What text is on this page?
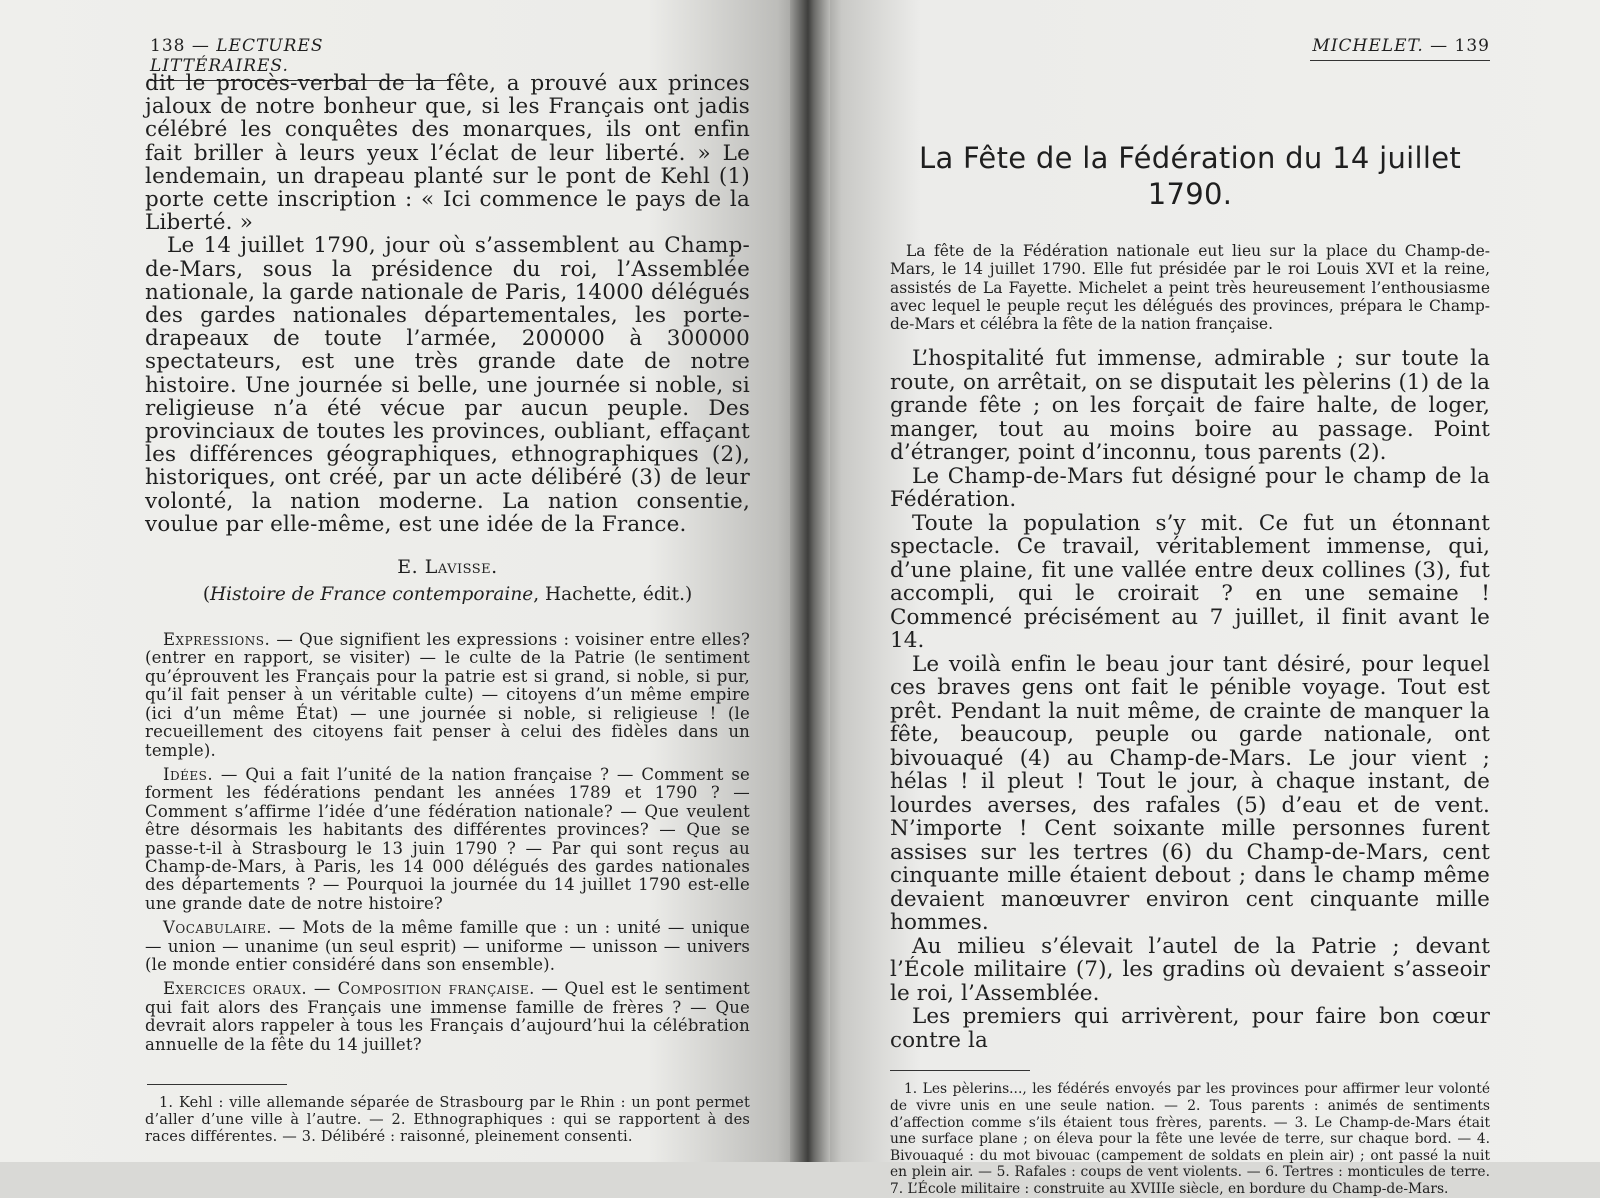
138 — LECTURES LITTÉRAIRES.

dit le procès-verbal de la fête, a prouvé aux princes jaloux de notre bonheur que, si les Français ont jadis célébré les conquêtes des monarques, ils ont enfin fait briller à leurs yeux l’éclat de leur liberté. » Le lendemain, un drapeau planté sur le pont de Kehl (1) porte cette inscription : « Ici commence le pays de la Liberté. »

Le 14 juillet 1790, jour où s’assemblent au Champ-de-Mars, sous la présidence du roi, l’Assemblée nationale, la garde nationale de Paris, 14000 délégués des gardes nationales départementales, les porte-drapeaux de toute l’armée, 200000 à 300000 spectateurs, est une très grande date de notre histoire. Une journée si belle, une journée si noble, si religieuse n’a été vécue par aucun peuple. Des provinciaux de toutes les provinces, oubliant, effaçant les différences géographiques, ethnographiques (2), historiques, ont créé, par un acte délibéré (3) de leur volonté, la nation moderne. La nation consentie, voulue par elle-même, est une idée de la France.

E. Lavisse.
(Histoire de France contemporaine, Hachette, édit.)

Expressions. — Que signifient les expressions : voisiner entre elles? (entrer en rapport, se visiter) — le culte de la Patrie (le sentiment qu’éprouvent les Français pour la patrie est si grand, si noble, si pur, qu’il fait penser à un véritable culte) — citoyens d’un même empire (ici d’un même État) — une journée si noble, si religieuse ! (le recueillement des citoyens fait penser à celui des fidèles dans un temple).

Idées. — Qui a fait l’unité de la nation française ? — Comment se forment les fédérations pendant les années 1789 et 1790 ? — Comment s’affirme l’idée d’une fédération nationale? — Que veulent être désormais les habitants des différentes provinces? — Que se passe-t-il à Strasbourg le 13 juin 1790 ? — Par qui sont reçus au Champ-de-Mars, à Paris, les 14 000 délégués des gardes nationales des départements ? — Pourquoi la journée du 14 juillet 1790 est-elle une grande date de notre histoire?

Vocabulaire. — Mots de la même famille que : un : unité — unique — union — unanime (un seul esprit) — uniforme — unisson — univers (le monde entier considéré dans son ensemble).

Exercices oraux. — Composition française. — Quel est le sentiment qui fait alors des Français une immense famille de frères ? — Que devrait alors rappeler à tous les Français d’aujourd’hui la célébration annuelle de la fête du 14 juillet?

1. Kehl : ville allemande séparée de Strasbourg par le Rhin : un pont permet d’aller d’une ville à l’autre. — 2. Ethnographiques : qui se rapportent à des races différentes. — 3. Délibéré : raisonné, pleinement consenti.

MICHELET. — 139
La Fête de la Fédération du 14 juillet 1790.

La fête de la Fédération nationale eut lieu sur la place du Champ-de-Mars, le 14 juillet 1790. Elle fut présidée par le roi Louis XVI et la reine, assistés de La Fayette. Michelet a peint très heureusement l’enthousiasme avec lequel le peuple reçut les délégués des provinces, prépara le Champ-de-Mars et célébra la fête de la nation française.

L’hospitalité fut immense, admirable ; sur toute la route, on arrêtait, on se disputait les pèlerins (1) de la grande fête ; on les forçait de faire halte, de loger, manger, tout au moins boire au passage. Point d’étranger, point d’inconnu, tous parents (2).

Le Champ-de-Mars fut désigné pour le champ de la Fédération.

Toute la population s’y mit. Ce fut un étonnant spectacle. Ce travail, véritablement immense, qui, d’une plaine, fit une vallée entre deux collines (3), fut accompli, qui le croirait ? en une semaine ! Commencé précisément au 7 juillet, il finit avant le 14.

Le voilà enfin le beau jour tant désiré, pour lequel ces braves gens ont fait le pénible voyage. Tout est prêt. Pendant la nuit même, de crainte de manquer la fête, beaucoup, peuple ou garde nationale, ont bivouaqué (4) au Champ-de-Mars. Le jour vient ; hélas ! il pleut ! Tout le jour, à chaque instant, de lourdes averses, des rafales (5) d’eau et de vent. N’importe ! Cent soixante mille personnes furent assises sur les tertres (6) du Champ-de-Mars, cent cinquante mille étaient debout ; dans le champ même devaient manœuvrer environ cent cinquante mille hommes.

Au milieu s’élevait l’autel de la Patrie ; devant l’École militaire (7), les gradins où devaient s’asseoir le roi, l’Assemblée.

Les premiers qui arrivèrent, pour faire bon cœur contre la

1. Les pèlerins..., les fédérés envoyés par les provinces pour affirmer leur volonté de vivre unis en une seule nation. — 2. Tous parents : animés de sentiments d’affection comme s’ils étaient tous frères, parents. — 3. Le Champ-de-Mars était une surface plane ; on éleva pour la fête une levée de terre, sur chaque bord. — 4. Bivouaqué : du mot bivouac (campement de soldats en plein air) ; ont passé la nuit en plein air. — 5. Rafales : coups de vent violents. — 6. Tertres : monticules de terre. 7. L’École militaire : construite au XVIIIe siècle, en bordure du Champ-de-Mars.
